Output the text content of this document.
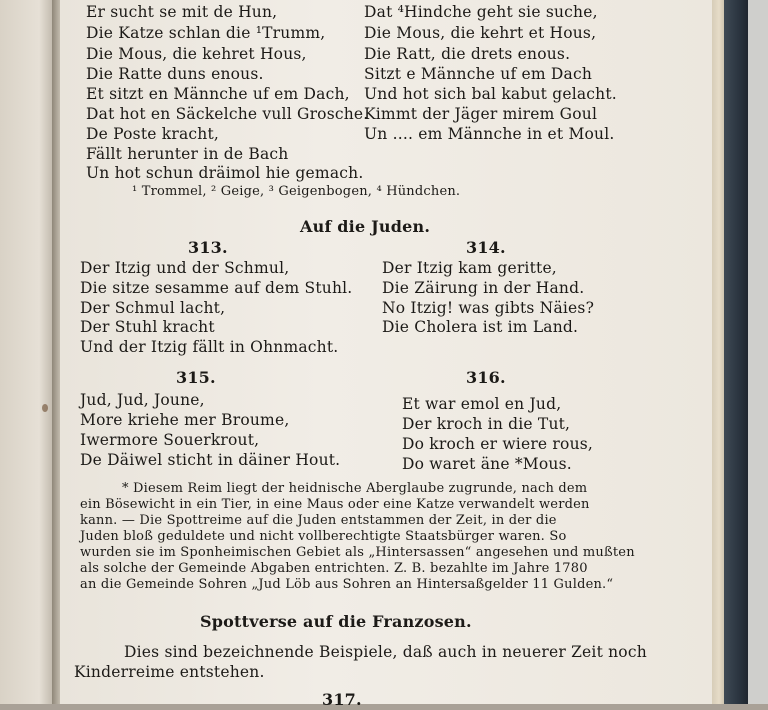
Er sucht se mit de Hun,
Die Katze schlan die ¹Trumm,
Die Mous, die kehret Hous,
Die Ratte duns enous.
Et sitzt en Männche uf em Dach,
Dat hot en Säckelche vull Grosche.
De Poste kracht,
Fällt herunter in de Bach
Un hot schun dräimol hie gemach.
Dat ⁴Hindche geht sie suche,
Die Mous, die kehrt et Hous,
Die Ratt, die drets enous.
Sitzt e Männche uf em Dach
Und hot sich bal kabut gelacht.
Kimmt der Jäger mirem Goul
Un .... em Männche in et Moul.
¹ Trommel, ² Geige, ³ Geigenbogen, ⁴ Hündchen.
Auf die Juden.
313.
Der Itzig und der Schmul,
Die sitze sesamme auf dem Stuhl.
Der Schmul lacht,
Der Stuhl kracht
Und der Itzig fällt in Ohnmacht.
314.
Der Itzig kam geritte,
Die Zäirung in der Hand.
No Itzig! was gibts Näies?
Die Cholera ist im Land.
315.
Jud, Jud, Joune,
More kriehe mer Broume,
Iwermore Souerkrout,
De Däiwel sticht in däiner Hout.
316.
Et war emol en Jud,
Der kroch in die Tut,
Do kroch er wiere rous,
Do waret äne *Mous.
* Diesem Reim liegt der heidnische Aberglaube zugrunde, nach dem
ein Bösewicht in ein Tier, in eine Maus oder eine Katze verwandelt werden
kann. — Die Spottreime auf die Juden entstammen der Zeit, in der die
Juden bloß geduldete und nicht vollberechtigte Staatsbürger waren. So
wurden sie im Sponheimischen Gebiet als „Hintersassen“ angesehen und mußten
als solche der Gemeinde Abgaben entrichten. Z. B. bezahlte im Jahre 1780
an die Gemeinde Sohren „Jud Löb aus Sohren an Hintersaßgelder 11 Gulden.“
Spottverse auf die Franzosen.
Dies sind bezeichnende Beispiele, daß auch in neuerer Zeit noch
Kinderreime entstehen.
317.
